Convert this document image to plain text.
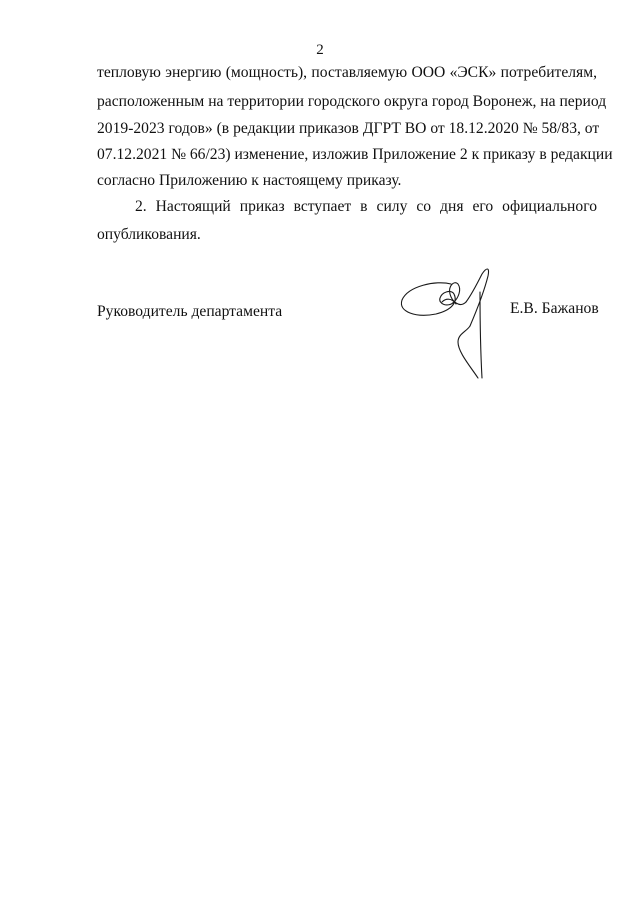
2
тепловую энергию (мощность), поставляемую ООО «ЭСК» потребителям,
расположенным на территории городского округа город Воронеж, на период
2019-2023 годов» (в редакции приказов ДГРТ ВО от 18.12.2020 № 58/83, от
07.12.2021 № 66/23) изменение, изложив Приложение 2 к приказу в редакции
согласно Приложению к настоящему приказу.
2. Настоящий приказ вступает в силу со дня его официального
опубликования.
Руководитель департамента	Е.В. Бажанов
